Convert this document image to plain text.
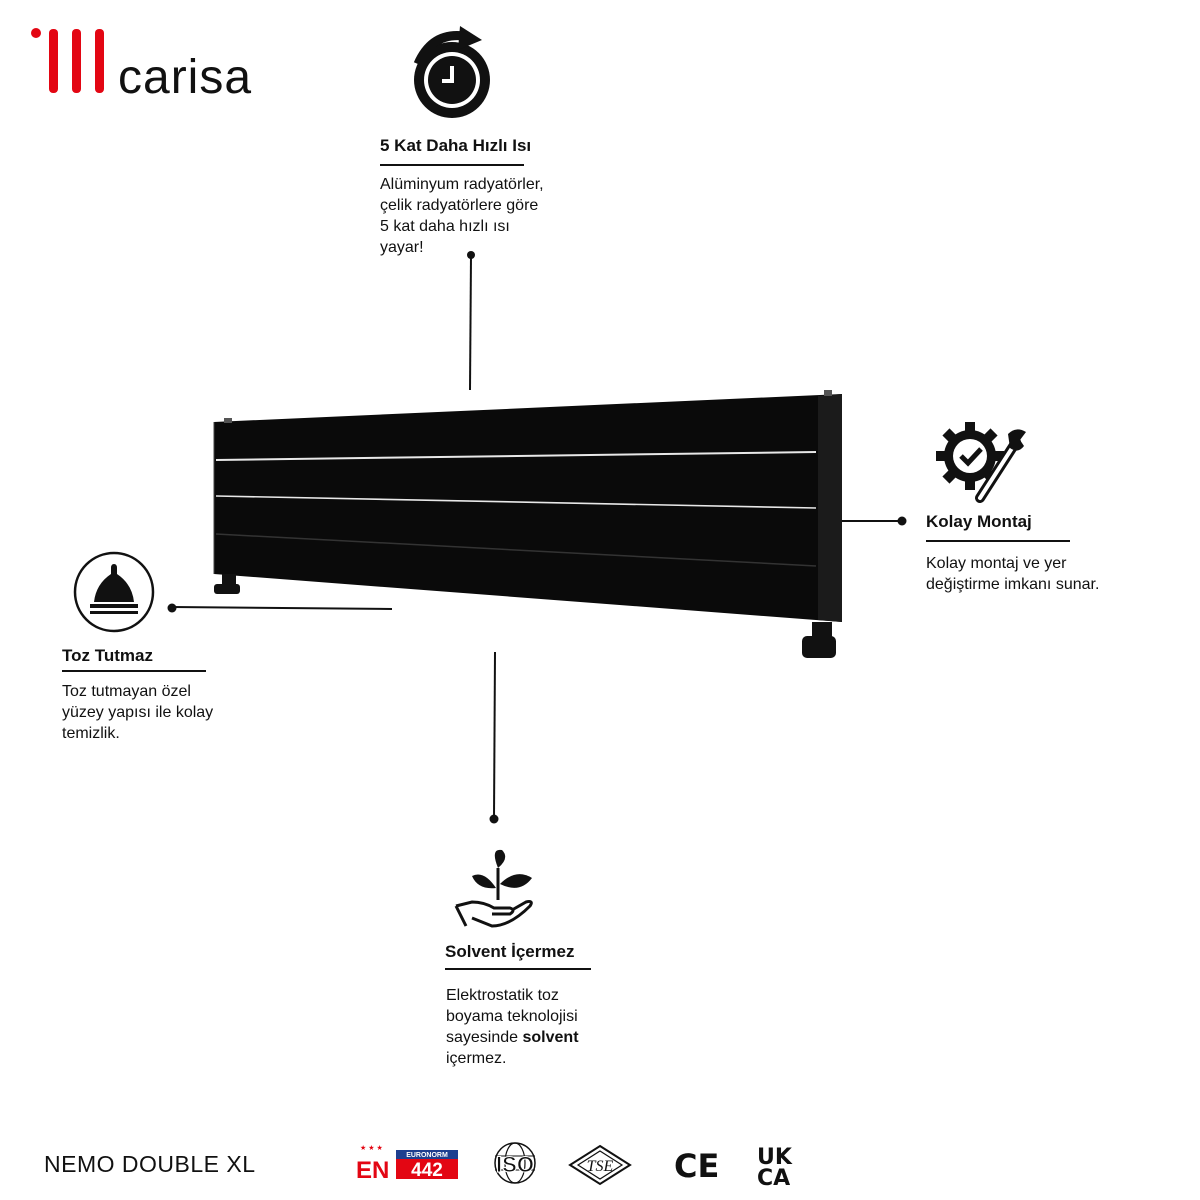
carisa
5 Kat Daha Hızlı Isı
Alüminyum radyatörler,
çelik radyatörlere göre
5 kat daha hızlı ısı
yayar!
Kolay Montaj
Kolay montaj ve yer
değiştirme imkanı sunar.
Toz Tutmaz
Toz tutmayan özel
yüzey yapısı ile kolay
temizlik.
Solvent İçermez
Elektrostatik toz
boyama teknolojisi
sayesinde solvent
içermez.
NEMO DOUBLE XL
★ ★ ★
EN
EURONORM
442 ISO	TSE CE UK
CA
